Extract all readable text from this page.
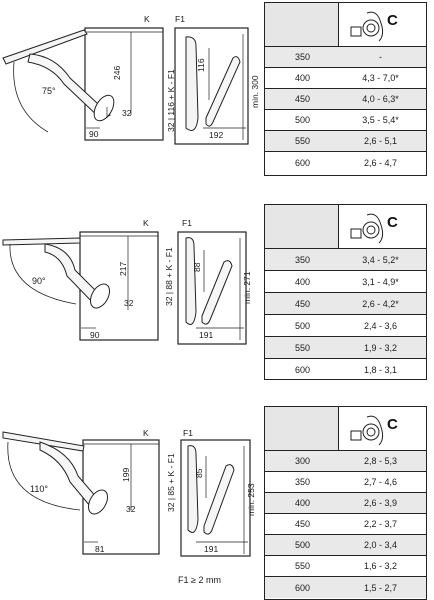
K	F1
246
32
90
32 | 116 + K - F1
116
192
min. 300
75°
C
350	-
400	4,3 - 7,0*
450	4,0 - 6,3*
500	3,5 - 5,4*
550	2,6 - 5,1
600	2,6 - 4,7
K	F1
217
32
90
32 | 88 + K - F1 88
191
min. 271
90°
C
350	3,4 - 5,2*
400	3,1 - 4,9*
450	2,6 - 4,2*
500	2,4 - 3,6
550	1,9 - 3,2
600	1,8 - 3,1
K	F1
199
32
81
32 | 85 + K - F1 85
191
min. 253
110°
C
300	2,8 - 5,3
350	2,7 - 4,6
400	2,6 - 3,9
450	2,2 - 3,7
500	2,0 - 3,4
550	1,6 - 3,2
600	1,5 - 2,7
F1 ≥ 2 mm
